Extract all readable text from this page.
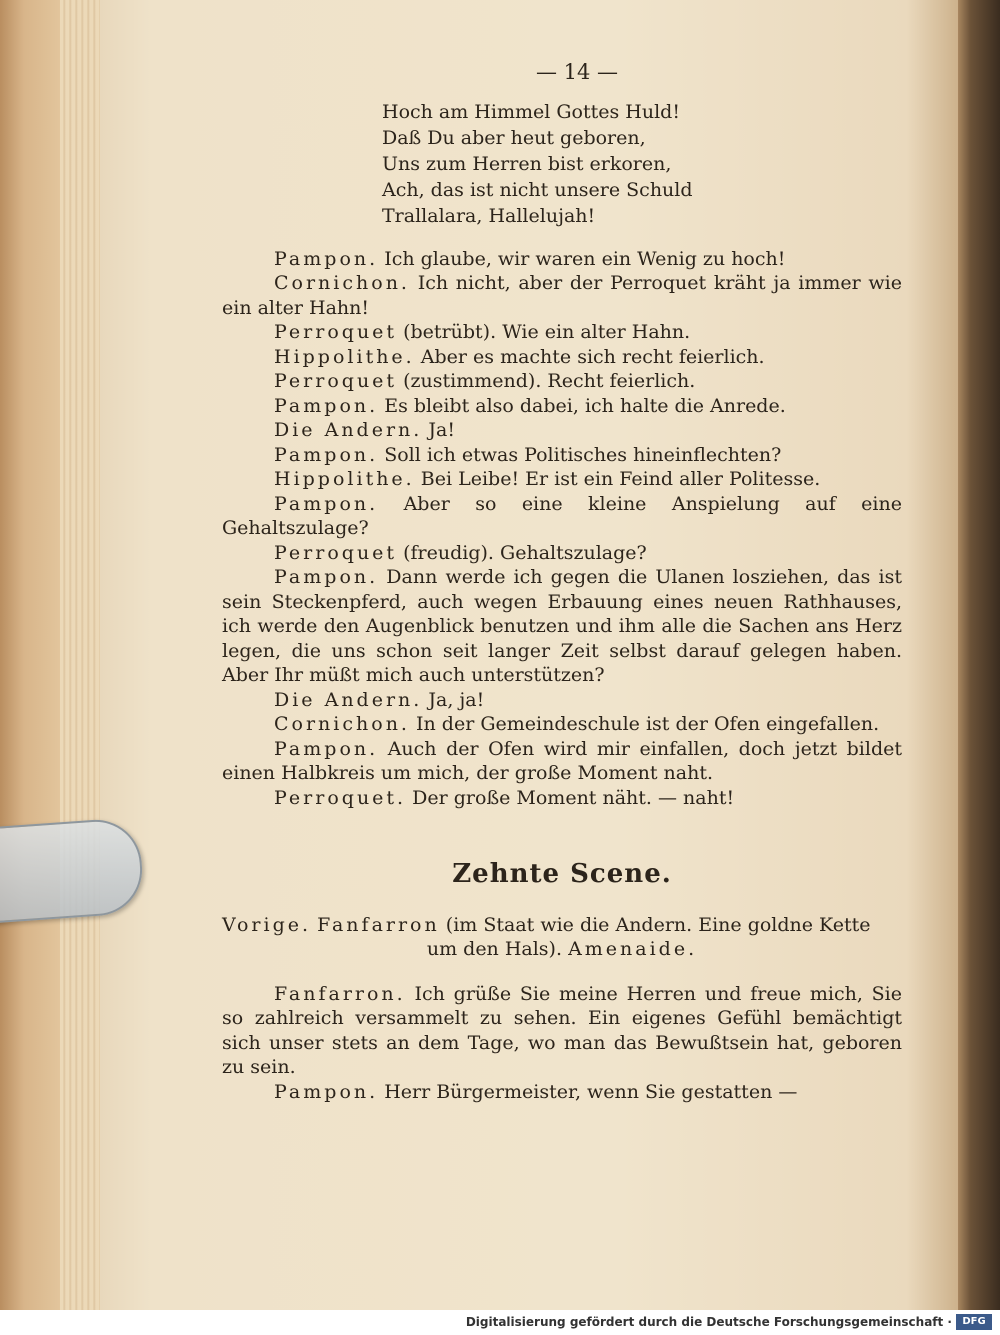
— 14 —
Hoch am Himmel Gottes Huld!
Daß Du aber heut geboren,
Uns zum Herren bist erkoren,
Ach, das ist nicht unsere Schuld
Trallalara, Hallelujah!

Pampon. Ich glaube, wir waren ein Wenig zu hoch!

Cornichon. Ich nicht, aber der Perroquet kräht ja immer wie ein alter Hahn!

Perroquet (betrübt). Wie ein alter Hahn.

Hippolithe. Aber es machte sich recht feierlich.

Perroquet (zustimmend). Recht feierlich.

Pampon. Es bleibt also dabei, ich halte die Anrede.

Die Andern. Ja!

Pampon. Soll ich etwas Politisches hineinflechten?

Hippolithe. Bei Leibe! Er ist ein Feind aller Politesse.

Pampon. Aber so eine kleine Anspielung auf eine Gehaltszulage?

Perroquet (freudig). Gehaltszulage?

Pampon. Dann werde ich gegen die Ulanen losziehen, das ist sein Steckenpferd, auch wegen Erbauung eines neuen Rathhauses, ich werde den Augenblick benutzen und ihm alle die Sachen ans Herz legen, die uns schon seit langer Zeit selbst darauf gelegen haben. Aber Ihr müßt mich auch unterstützen?

Die Andern. Ja, ja!

Cornichon. In der Gemeindeschule ist der Ofen eingefallen.

Pampon. Auch der Ofen wird mir einfallen, doch jetzt bildet einen Halbkreis um mich, der große Moment naht.

Perroquet. Der große Moment näht. — naht!

Zehnte Scene.

Vorige. Fanfarron (im Staat wie die Andern. Eine goldne Kette
um den Hals). Amenaide.

Fanfarron. Ich grüße Sie meine Herren und freue mich, Sie so zahlreich versammelt zu sehen. Ein eigenes Gefühl bemächtigt sich unser stets an dem Tage, wo man das Bewußtsein hat, geboren zu sein.

Pampon. Herr Bürgermeister, wenn Sie gestatten —

Digitalisierung gefördert durch die Deutsche Forschungsgemeinschaft ·	DFG
